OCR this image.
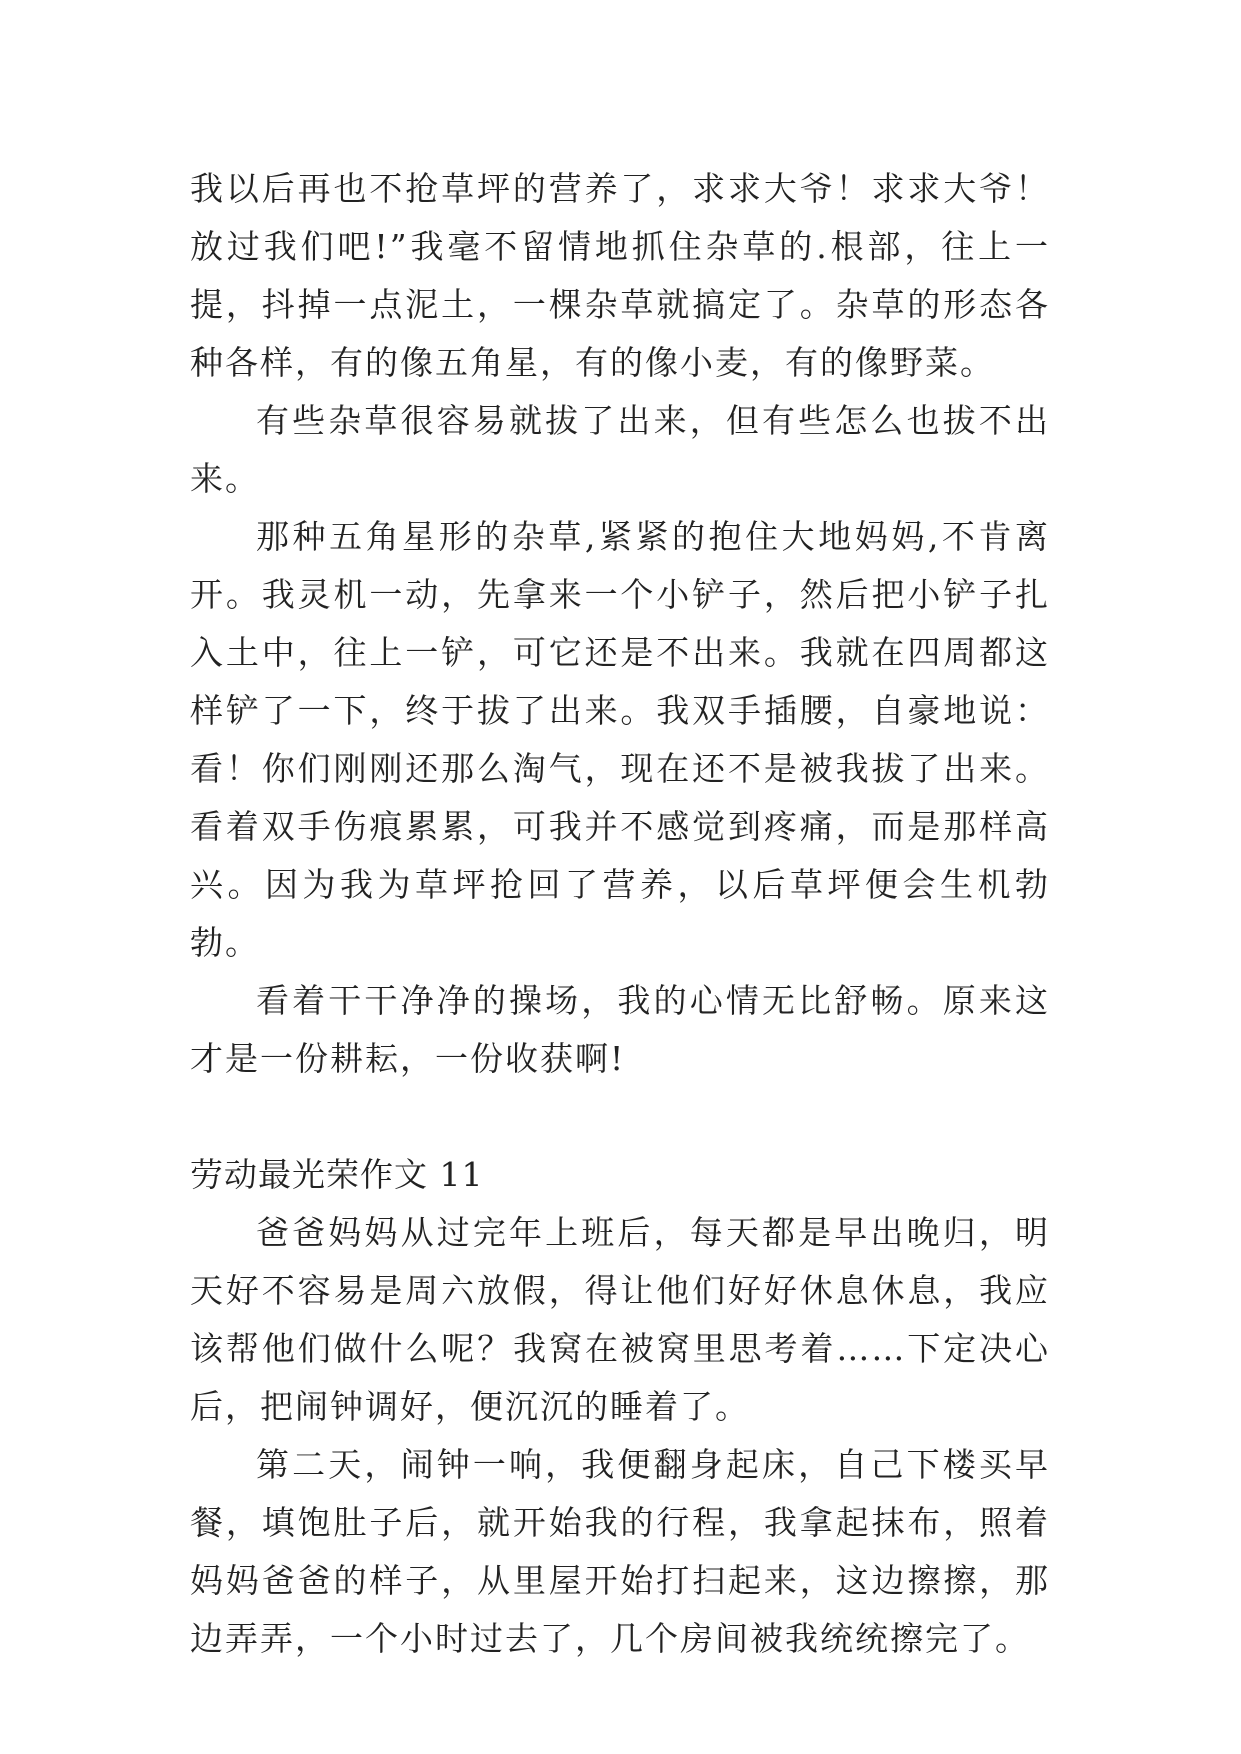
我以后再也不抢草坪的营养了，求求大爷！求求大爷！放过我们吧!”我毫不留情地抓住杂草的.根部，往上一提，抖掉一点泥土，一棵杂草就搞定了。杂草的形态各种各样，有的像五角星，有的像小麦，有的像野菜。

有些杂草很容易就拔了出来，但有些怎么也拔不出来。

那种五角星形的杂草,紧紧的抱住大地妈妈,不肯离开。我灵机一动，先拿来一个小铲子，然后把小铲子扎入土中，往上一铲，可它还是不出来。我就在四周都这样铲了一下，终于拔了出来。我双手插腰，自豪地说：看！你们刚刚还那么淘气，现在还不是被我拔了出来。看着双手伤痕累累，可我并不感觉到疼痛，而是那样高兴。因为我为草坪抢回了营养，以后草坪便会生机勃勃。

看着干干净净的操场，我的心情无比舒畅。原来这才是一份耕耘，一份收获啊!

劳动最光荣作文 11

爸爸妈妈从过完年上班后，每天都是早出晚归，明天好不容易是周六放假，得让他们好好休息休息，我应该帮他们做什么呢？我窝在被窝里思考着……下定决心后，把闹钟调好，便沉沉的睡着了。

第二天，闹钟一响，我便翻身起床，自己下楼买早餐，填饱肚子后，就开始我的行程，我拿起抹布，照着妈妈爸爸的样子，从里屋开始打扫起来，这边擦擦，那边弄弄，一个小时过去了，几个房间被我统统擦完了。
